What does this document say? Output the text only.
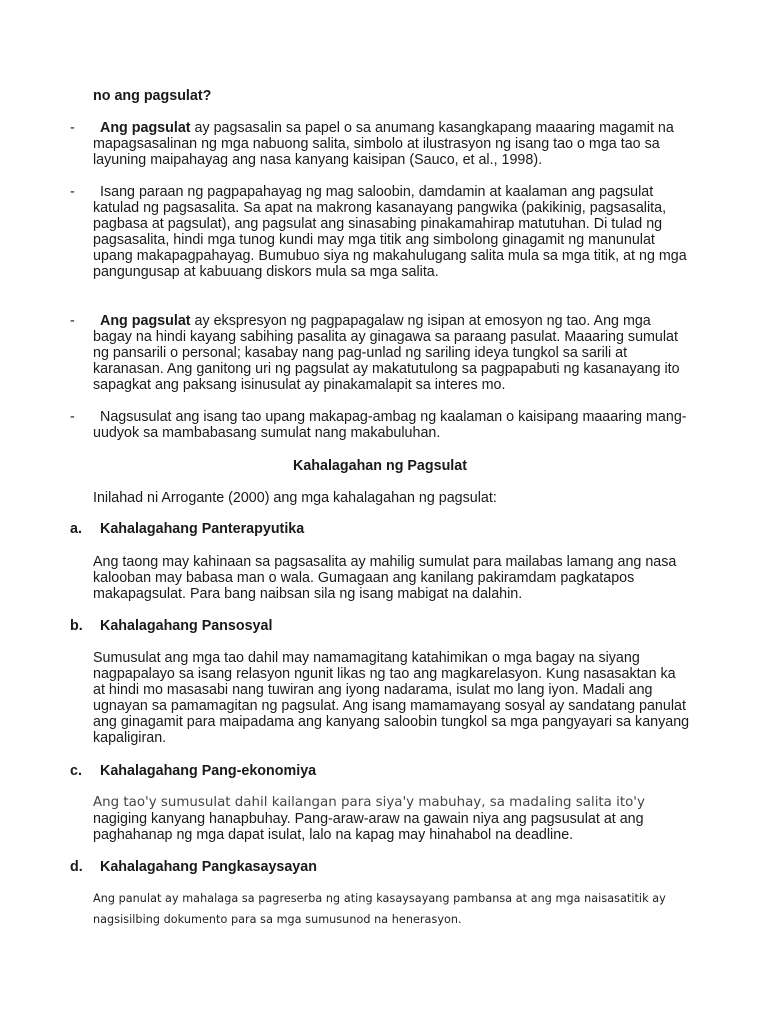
no ang pagsulat?
-	Ang pagsulat ay pagsasalin sa papel o sa anumang kasangkapang maaaring magamit na mapagsasalinan ng mga nabuong salita, simbolo at ilustrasyon ng isang tao o mga tao sa layuning maipahayag ang nasa kanyang kaisipan (Sauco, et al., 1998).
-	Isang paraan ng pagpapahayag ng mag saloobin, damdamin at kaalaman ang pagsulat katulad ng pagsasalita. Sa apat na makrong kasanayang pangwika (pakikinig, pagsasalita, pagbasa at pagsulat), ang pagsulat ang sinasabing pinakamahirap matutuhan. Di tulad ng pagsasalita, hindi mga tunog kundi may mga titik ang simbolong ginagamit ng manunulat upang makapagpahayag. Bumubuo siya ng makahulugang salita mula sa mga titik, at ng mga pangungusap at kabuuang diskors mula sa mga salita.
-	Ang pagsulat ay ekspresyon ng pagpapagalaw ng isipan at emosyon ng tao. Ang mga bagay na hindi kayang sabihing pasalita ay ginagawa sa paraang pasulat. Maaaring sumulat ng pansarili o personal; kasabay nang pag-unlad ng sariling ideya tungkol sa sarili at karanasan. Ang ganitong uri ng pagsulat ay makatutulong sa pagpapabuti ng kasanayang ito sapagkat ang paksang isinusulat ay pinakamalapit sa interes mo.
-	Nagsusulat ang isang tao upang makapag-ambag ng kaalaman o kaisipang maaaring mang-uudyok sa mambabasang sumulat nang makabuluhan.
Kahalagahan ng Pagsulat
Inilahad ni Arrogante (2000) ang mga kahalagahan ng pagsulat:
a. Kahalagahang Panterapyutika
Ang taong may kahinaan sa pagsasalita ay mahilig sumulat para mailabas lamang ang nasa kalooban may babasa man o wala. Gumagaan ang kanilang pakiramdam pagkatapos makapagsulat. Para bang naibsan sila ng isang mabigat na dalahin.
b. Kahalagahang Pansosyal
Sumusulat ang mga tao dahil may namamagitang katahimikan o mga bagay na siyang nagpapalayo sa isang relasyon ngunit likas ng tao ang magkarelasyon. Kung nasasaktan ka at hindi mo masasabi nang tuwiran ang iyong nadarama, isulat mo lang iyon. Madali ang ugnayan sa pamamagitan ng pagsulat. Ang isang mamamayang sosyal ay sandatang panulat ang ginagamit para maipadama ang kanyang saloobin tungkol sa mga pangyayari sa kanyang kapaligiran.
c. Kahalagahang Pang-ekonomiya
Ang tao'y sumusulat dahil kailangan para siya'y mabuhay, sa madaling salita ito'y
nagiging kanyang hanapbuhay. Pang-araw-araw na gawain niya ang pagsusulat at ang paghahanap ng mga dapat isulat, lalo na kapag may hinahabol na deadline.
d. Kahalagahang Pangkasaysayan
Ang panulat ay mahalaga sa pagreserba ng ating kasaysayang pambansa at ang mga naisasatitik ay nagsisilbing dokumento para sa mga sumusunod na henerasyon.
